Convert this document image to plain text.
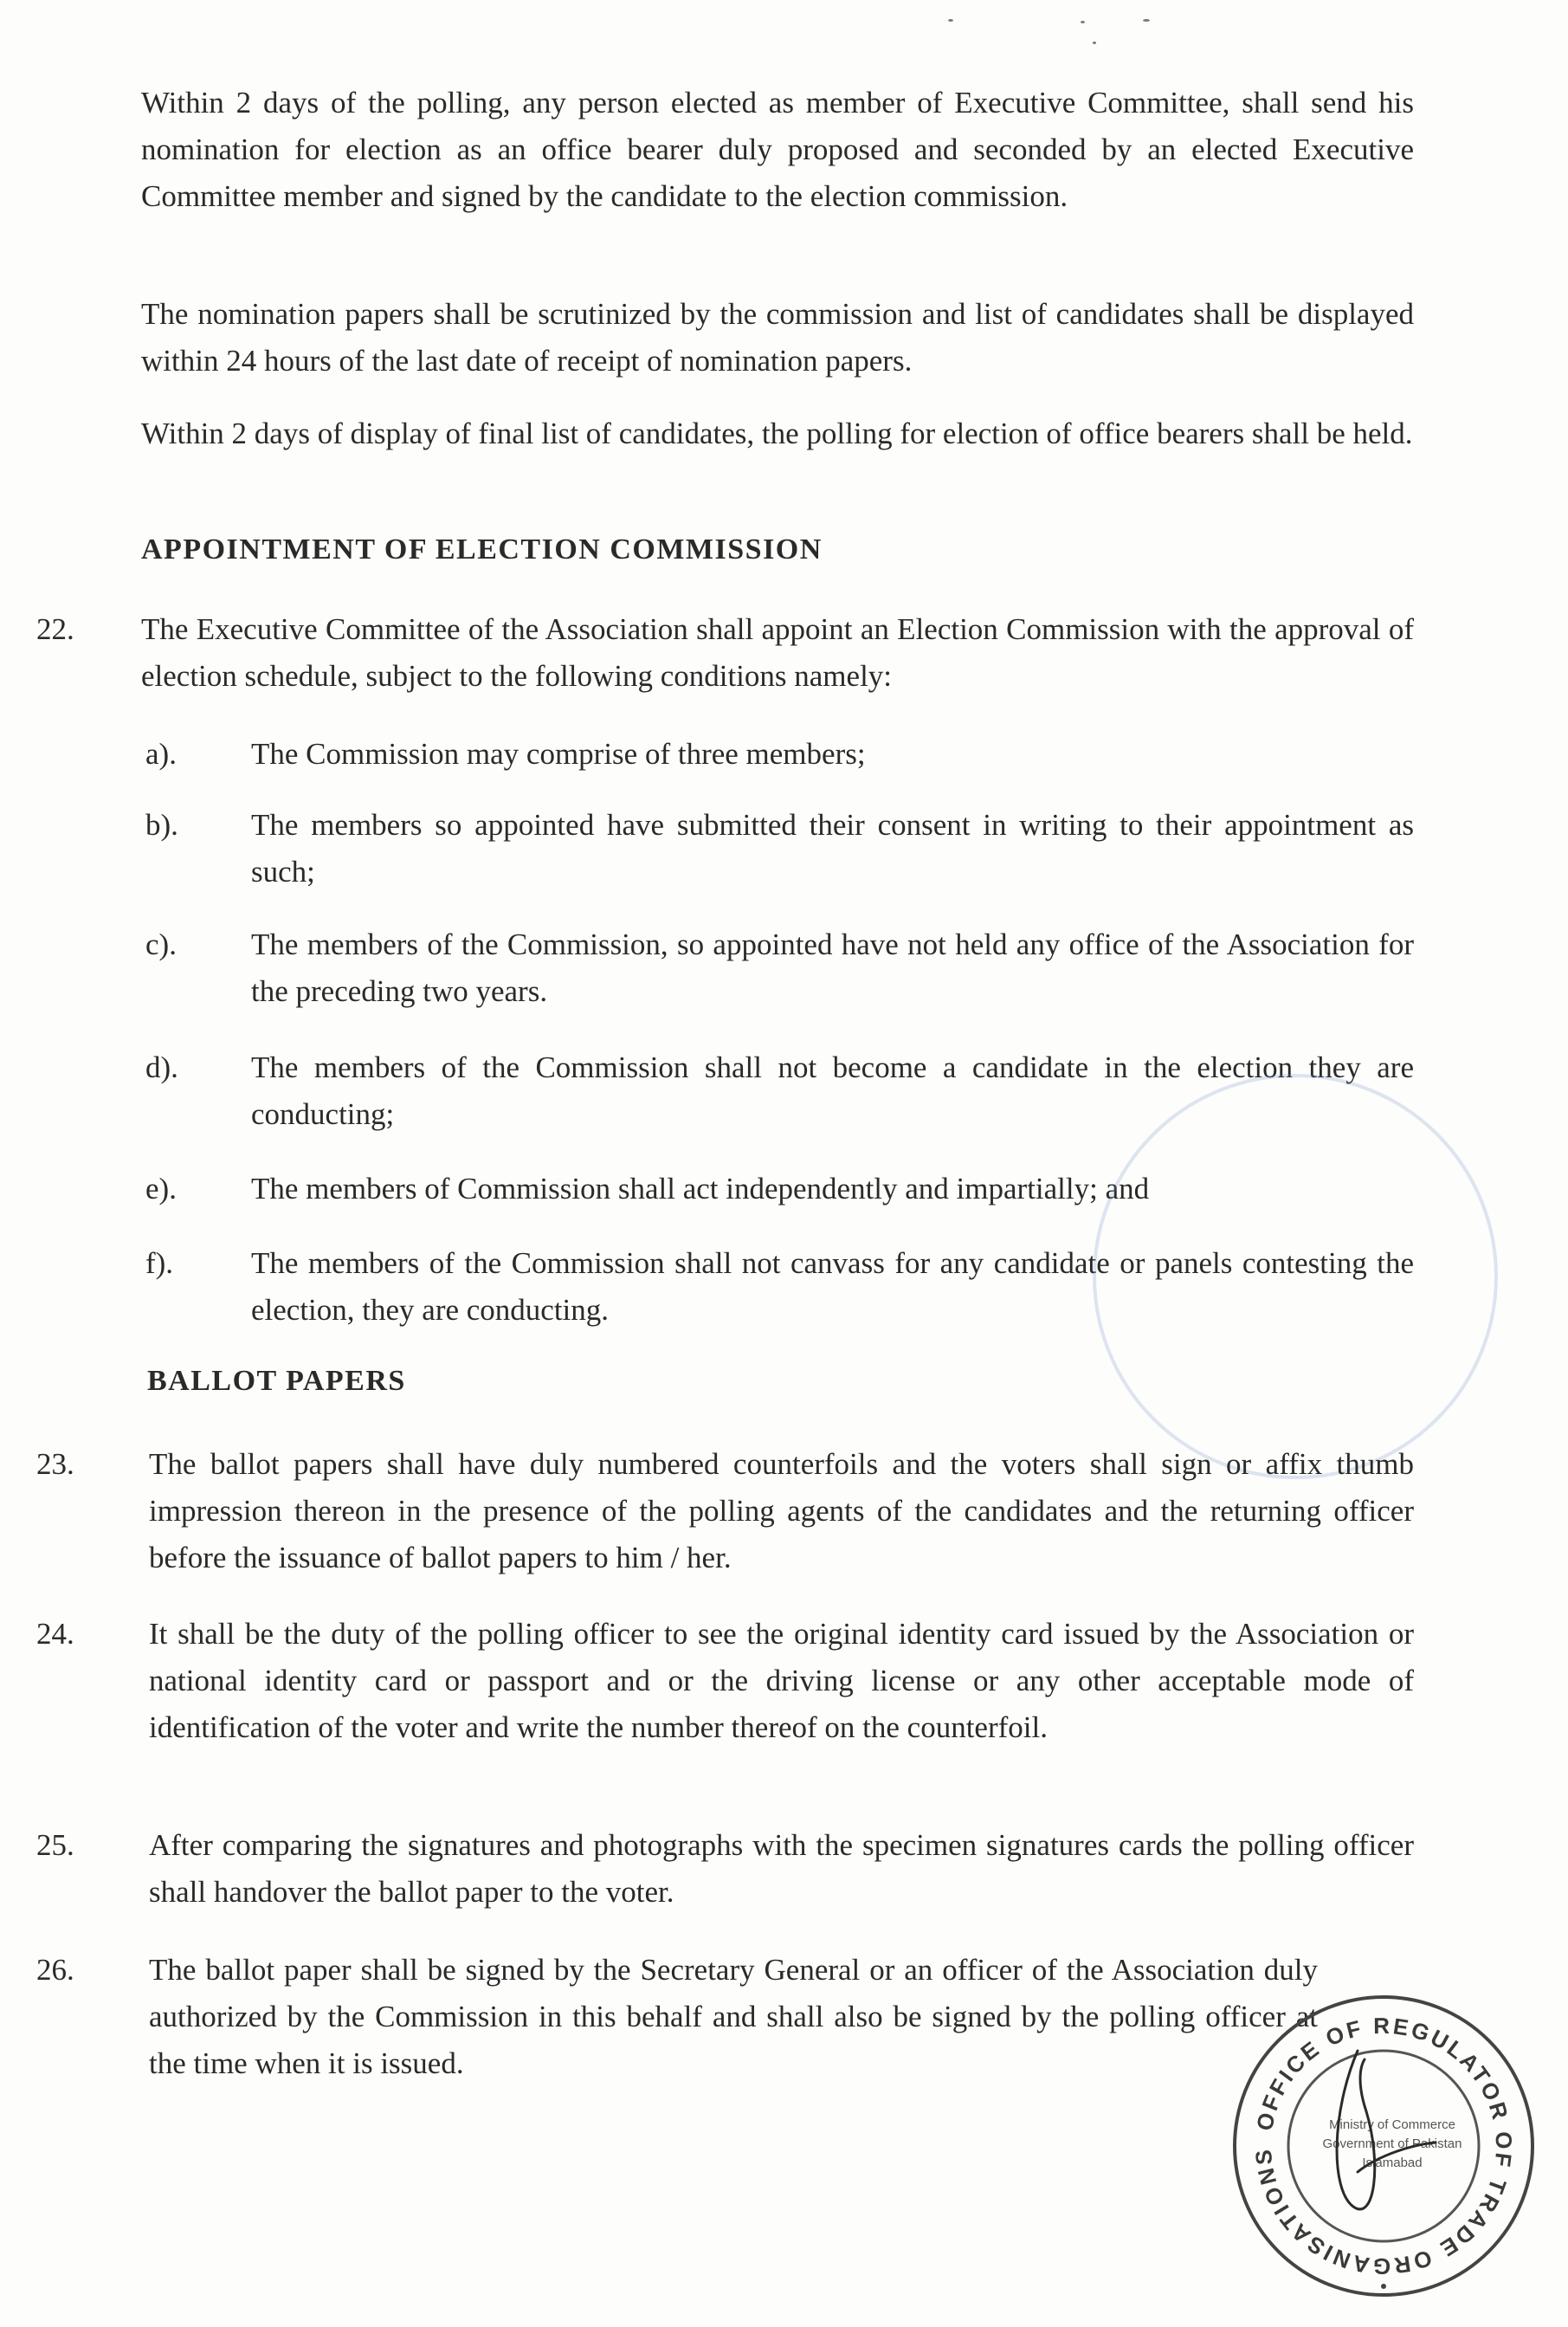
Within 2 days of the polling, any person elected as member of Executive Committee, shall send his nomination for election as an office bearer duly proposed and seconded by an elected Executive Committee member and signed by the candidate to the election commission.

The nomination papers shall be scrutinized by the commission and list of candidates shall be displayed within 24 hours of the last date of receipt of nomination papers.

Within 2 days of display of final list of candidates, the polling for election of office bearers shall be held.

APPOINTMENT OF ELECTION COMMISSION
22. The Executive Committee of the Association shall appoint an Election Commission with the approval of election schedule, subject to the following conditions namely:

a). The Commission may comprise of three members;

b). The members so appointed have submitted their consent in writing to their appointment as such;

c). The members of the Commission, so appointed have not held any office of the Association for the preceding two years.

d). The members of the Commission shall not become a candidate in the election they are conducting;

e). The members of Commission shall act independently and impartially; and

f).	The members of the Commission shall not canvass for any candidate or panels contesting the election, they are conducting.

BALLOT PAPERS
23. The ballot papers shall have duly numbered counterfoils and the voters shall sign or affix thumb impression thereon in the presence of the polling agents of the candidates and the returning officer before the issuance of ballot papers to him / her.

24. It shall be the duty of the polling officer to see the original identity card issued by the Association or national identity card or passport and or the driving license or any other acceptable mode of identification of the voter and write the number thereof on the counterfoil.

25. After comparing the signatures and photographs with the specimen signatures cards the polling officer shall handover the ballot paper to the voter.

26. The ballot paper shall be signed by the Secretary General or an officer of the Association duly authorized by the Commission in this behalf and shall also be signed by the polling officer at the time when it is issued.

OFFICE OF REGULATOR OF TRADE ORGANISATIONS
Ministry of Commerce
Government of Pakistan
Islamabad
